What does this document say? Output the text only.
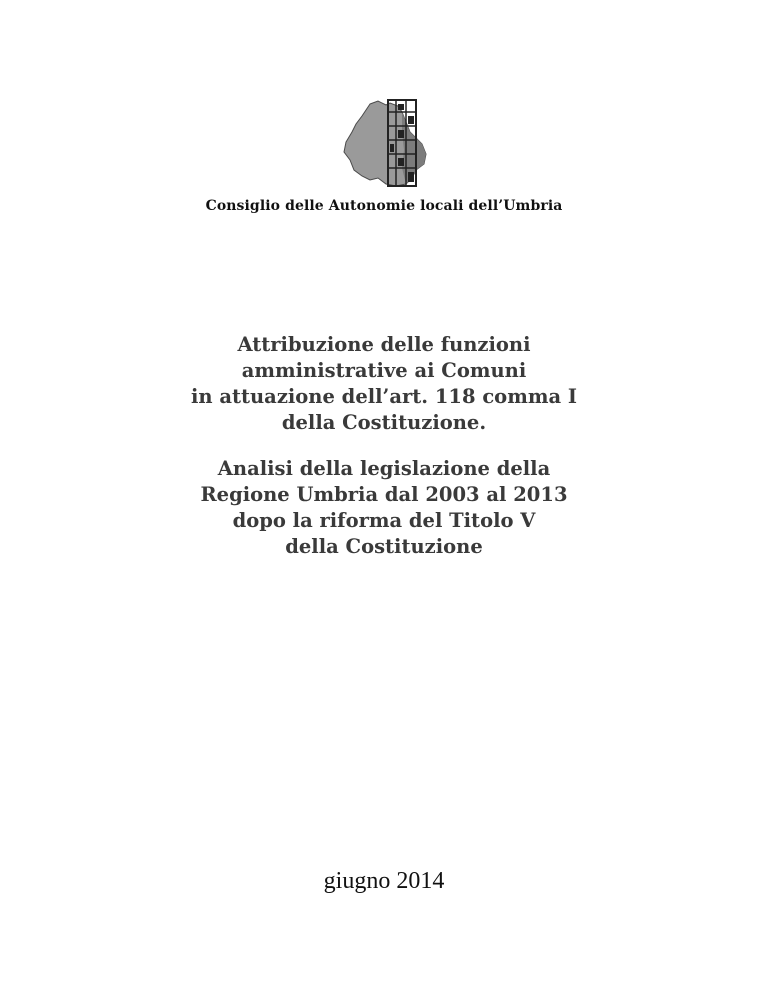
Consiglio delle Autonomie locali dell’Umbria
Attribuzione delle funzioni
amministrative ai Comuni
in attuazione dell’art. 118 comma I
della Costituzione.
Analisi della legislazione della
Regione Umbria dal 2003 al 2013
dopo la riforma del Titolo V
della Costituzione
giugno 2014
